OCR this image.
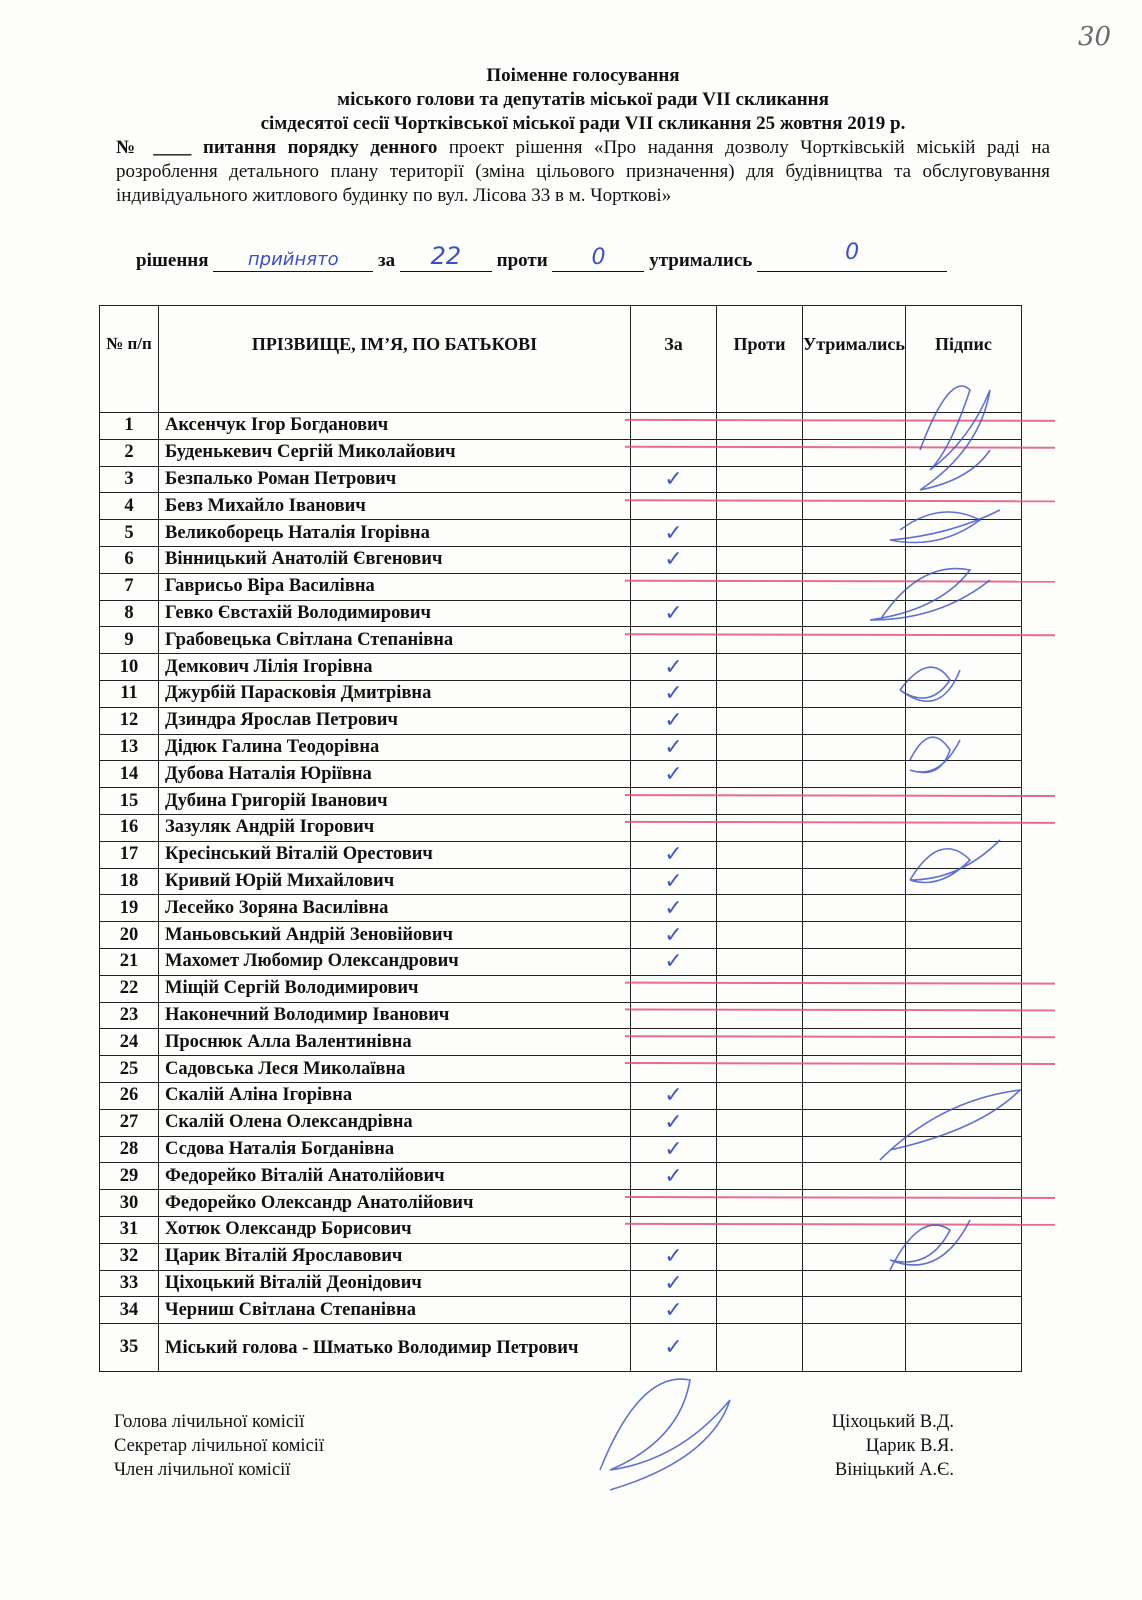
30
Поіменне голосування
міського голови та депутатів міської ради VII скликання
сімдесятої сесії Чортківської міської ради VII скликання 25 жовтня 2019 р.
№ ____ питання порядку денного проект рішення «Про надання дозволу Чортківській міській раді на розроблення детального плану території (зміна цільового призначення) для будівництва та обслуговування індивідуального житлового будинку по вул. Лісова 33 в м. Чорткові»
рішення	прийнято	за	22	проти	0	утримались	0
№ п/п	ПРІЗВИЩЕ, ІМ’Я, ПО БАТЬКОВІ	За	Проти	Утримались	Підпис
1	Аксенчук Ігор Богданович				
2	Буденькевич Сергій Миколайович				
3	Безпалько Роман Петрович	✓			

4	Бевз Михайло Іванович				
5	Великоборець Наталія Ігорівна	✓			

6	Вінницький Анатолій Євгенович	✓			

7	Гаврисьо Віра Василівна				
8	Гевко Євстахій Володимирович	✓			

9	Грабовецька Світлана Степанівна				
10	Демкович Лілія Ігорівна	✓			

11	Джурбій Парасковія Дмитрівна	✓			

12	Дзиндра Ярослав Петрович	✓			

13	Дідюк Галина Теодорівна	✓			

14	Дубова Наталія Юріївна	✓			

15	Дубина Григорій Іванович				
16	Зазуляк Андрій Ігорович				
17	Кресінський Віталій Орестович	✓			

18	Кривий Юрій Михайлович	✓			

19	Лесейко Зоряна Василівна	✓			

20	Маньовський Андрій Зеновійович	✓			

21	Махомет Любомир Олександрович	✓			

22	Міщій Сергій Володимирович				
23	Наконечний Володимир Іванович				
24	Проснюк Алла Валентинівна				
25	Садовська Леся Миколаївна				
26	Скалій Аліна Ігорівна	✓			

27	Скалій Олена Олександрівна	✓			

28	Ссдова Наталія Богданівна	✓			

29	Федорейко Віталій Анатолійович	✓			

30	Федорейко Олександр Анатолійович				
31	Хотюк Олександр Борисович				
32	Царик Віталій Ярославович	✓			

33	Ціхоцький Віталій Деонідович	✓			

34	Черниш Світлана Степанівна	✓			

35	Міський голова - Шматько Володимир Петрович	✓			

Голова лічильної комісії	Ціхоцький В.Д.
Секретар лічильної комісії	Царик В.Я.
Член лічильної комісії	Вініцький А.Є.
